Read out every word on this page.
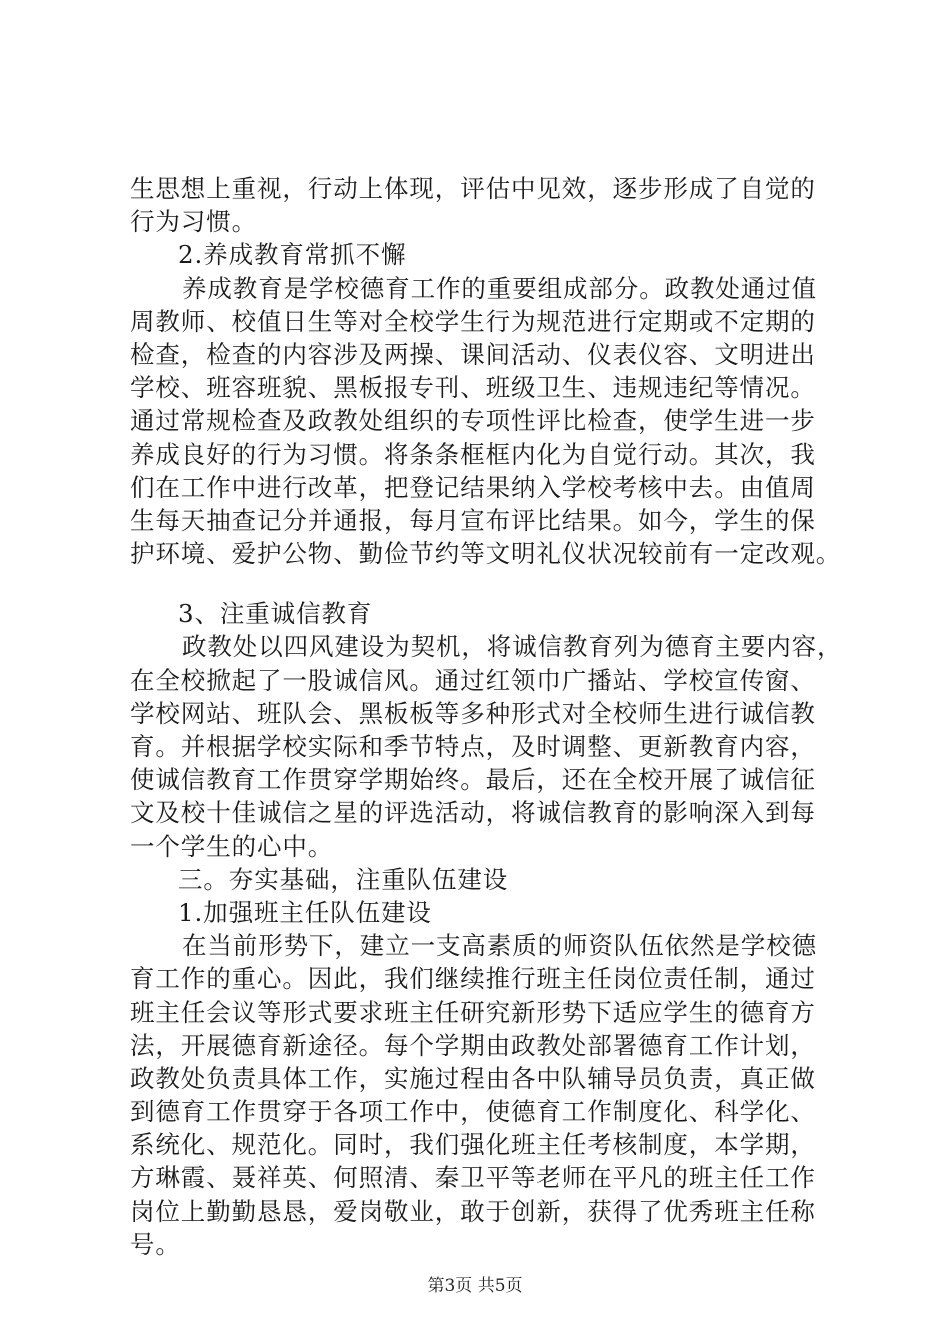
生思想上重视，行动上体现，评估中见效，逐步形成了自觉的
行为习惯。
2.养成教育常抓不懈
养成教育是学校德育工作的重要组成部分。政教处通过值
周教师、校值日生等对全校学生行为规范进行定期或不定期的
检查，检查的内容涉及两操、课间活动、仪表仪容、文明进出
学校、班容班貌、黑板报专刊、班级卫生、违规违纪等情况。
通过常规检查及政教处组织的专项性评比检查，使学生进一步
养成良好的行为习惯。将条条框框内化为自觉行动。其次，我
们在工作中进行改革，把登记结果纳入学校考核中去。由值周
生每天抽查记分并通报，每月宣布评比结果。如今，学生的保
护环境、爱护公物、勤俭节约等文明礼仪状况较前有一定改观。
3、注重诚信教育
政教处以四风建设为契机，将诚信教育列为德育主要内容，
在全校掀起了一股诚信风。通过红领巾广播站、学校宣传窗、
学校网站、班队会、黑板板等多种形式对全校师生进行诚信教
育。并根据学校实际和季节特点，及时调整、更新教育内容，
使诚信教育工作贯穿学期始终。最后，还在全校开展了诚信征
文及校十佳诚信之星的评选活动，将诚信教育的影响深入到每
一个学生的心中。
三。夯实基础，注重队伍建设
1.加强班主任队伍建设
在当前形势下，建立一支高素质的师资队伍依然是学校德
育工作的重心。因此，我们继续推行班主任岗位责任制，通过
班主任会议等形式要求班主任研究新形势下适应学生的德育方
法，开展德育新途径。每个学期由政教处部署德育工作计划，
政教处负责具体工作，实施过程由各中队辅导员负责，真正做
到德育工作贯穿于各项工作中，使德育工作制度化、科学化、
系统化、规范化。同时，我们强化班主任考核制度，本学期，
方琳霞、聂祥英、何照清、秦卫平等老师在平凡的班主任工作
岗位上勤勤恳恳，爱岗敬业，敢于创新，获得了优秀班主任称
号。
第3页 共5页
